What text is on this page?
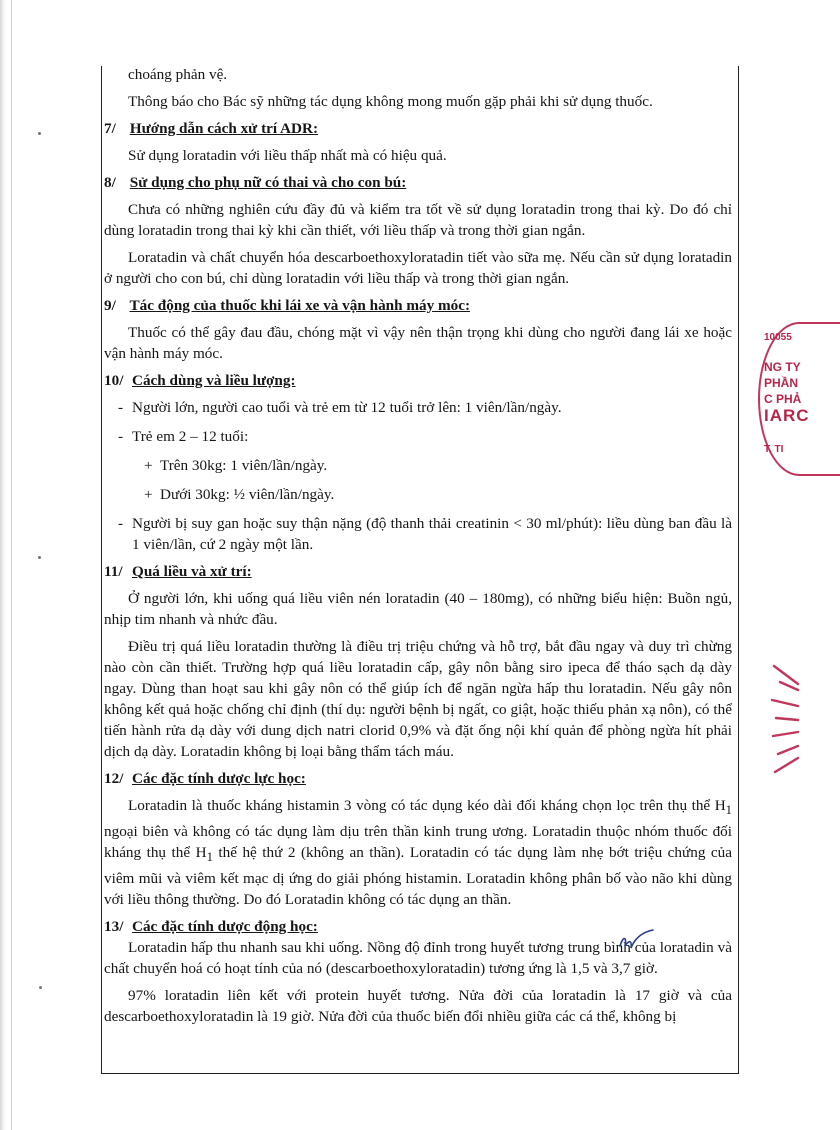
choáng phản vệ.

Thông báo cho Bác sỹ những tác dụng không mong muốn gặp phải khi sử dụng thuốc.

7/ Hướng dẫn cách xử trí ADR:

Sử dụng loratadin với liều thấp nhất mà có hiệu quả.

8/ Sử dụng cho phụ nữ có thai và cho con bú:

Chưa có những nghiên cứu đầy đủ và kiểm tra tốt về sử dụng loratadin trong thai kỳ. Do đó chỉ dùng loratadin trong thai kỳ khi cần thiết, với liều thấp và trong thời gian ngắn.

Loratadin và chất chuyển hóa descarboethoxyloratadin tiết vào sữa mẹ. Nếu cần sử dụng loratadin ở người cho con bú, chỉ dùng loratadin với liều thấp và trong thời gian ngắn.

9/ Tác động của thuốc khi lái xe và vận hành máy móc:

Thuốc có thể gây đau đầu, chóng mặt vì vậy nên thận trọng khi dùng cho người đang lái xe hoặc vận hành máy móc.

10/ Cách dùng và liều lượng:

- Người lớn, người cao tuổi và trẻ em từ 12 tuổi trở lên: 1 viên/lần/ngày.

- Trẻ em 2 – 12 tuổi:

+ Trên 30kg: 1 viên/lần/ngày.

+ Dưới 30kg: ½ viên/lần/ngày.

- Người bị suy gan hoặc suy thận nặng (độ thanh thải creatinin < 30 ml/phút): liều dùng ban đầu là 1 viên/lần, cứ 2 ngày một lần.

11/ Quá liều và xử trí:

Ở người lớn, khi uống quá liều viên nén loratadin (40 – 180mg), có những biểu hiện: Buồn ngủ, nhịp tim nhanh và nhức đầu.

Điều trị quá liều loratadin thường là điều trị triệu chứng và hỗ trợ, bắt đầu ngay và duy trì chừng nào còn cần thiết. Trường hợp quá liều loratadin cấp, gây nôn bằng siro ipeca để tháo sạch dạ dày ngay. Dùng than hoạt sau khi gây nôn có thể giúp ích để ngăn ngừa hấp thu loratadin. Nếu gây nôn không kết quả hoặc chống chỉ định (thí dụ: người bệnh bị ngất, co giật, hoặc thiếu phản xạ nôn), có thể tiến hành rửa dạ dày với dung dịch natri clorid 0,9% và đặt ống nội khí quản để phòng ngừa hít phải dịch dạ dày. Loratadin không bị loại bằng thẩm tách máu.

12/ Các đặc tính dược lực học:

Loratadin là thuốc kháng histamin 3 vòng có tác dụng kéo dài đối kháng chọn lọc trên thụ thể $H_1$ ngoại biên và không có tác dụng làm dịu trên thần kinh trung ương. Loratadin thuộc nhóm thuốc đối kháng thụ thể $H_1$ thế hệ thứ 2 (không an thần). Loratadin có tác dụng làm nhẹ bớt triệu chứng của viêm mũi và viêm kết mạc dị ứng do giải phóng histamin. Loratadin không phân bố vào não khi dùng với liều thông thường. Do đó Loratadin không có tác dụng an thần.

13/ Các đặc tính dược động học:

Loratadin hấp thu nhanh sau khi uống. Nồng độ đỉnh trong huyết tương trung bình của loratadin và chất chuyển hoá có hoạt tính của nó (descarboethoxyloratadin) tương ứng là 1,5 và 3,7 giờ.

97% loratadin liên kết với protein huyết tương. Nửa đời của loratadin là 17 giờ và của descarboethoxyloratadin là 19 giờ. Nửa đời của thuốc biến đổi nhiều giữa các cá thể, không bị

10055
NG TY
PHẦN
C PHẢ
IARC
T. TI
